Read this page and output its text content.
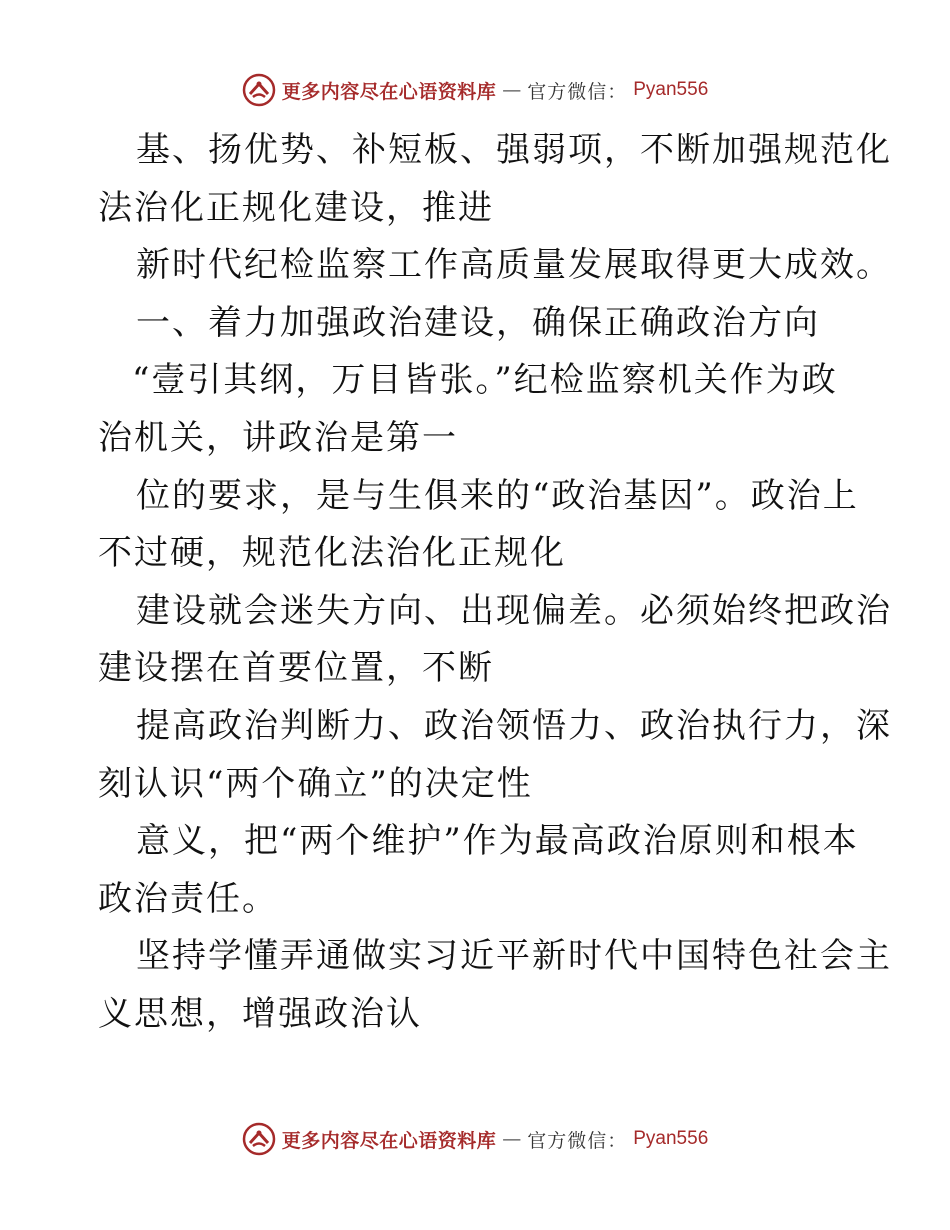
更多内容尽在心语资料库 — 官方微信： Pyan556
基、扬优势、补短板、强弱项，不断加强规范化
法治化正规化建设，推进
新时代纪检监察工作高质量发展取得更大成效。
一、着力加强政治建设，确保正确政治方向
“壹引其纲，万目皆张。”纪检监察机关作为政
治机关，讲政治是第一
位的要求，是与生俱来的“政治基因”。政治上
不过硬，规范化法治化正规化
建设就会迷失方向、出现偏差。必须始终把政治
建设摆在首要位置，不断
提高政治判断力、政治领悟力、政治执行力，深
刻认识“两个确立”的决定性
意义，把“两个维护”作为最高政治原则和根本
政治责任。
坚持学懂弄通做实习近平新时代中国特色社会主
义思想，增强政治认
更多内容尽在心语资料库 — 官方微信： Pyan556
